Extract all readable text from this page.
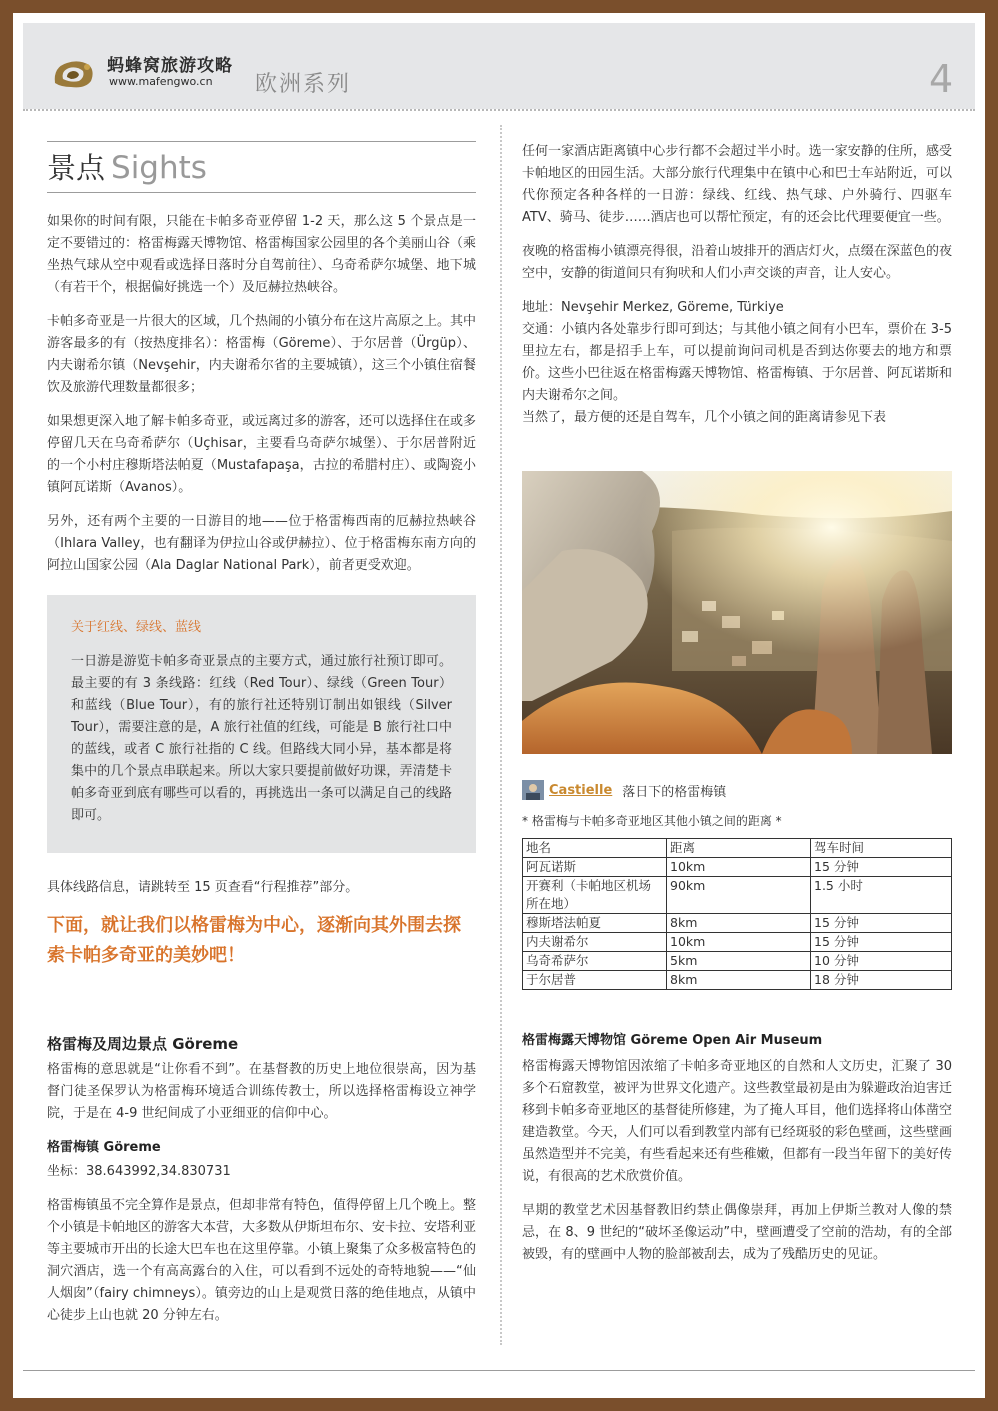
蚂蜂窝旅游攻略
www.mafengwo.cn 欧洲系列	4
景点 Sights

如果你的时间有限，只能在卡帕多奇亚停留 1-2 天，那么这 5 个景点是一定不要错过的：格雷梅露天博物馆、格雷梅国家公园里的各个美丽山谷（乘坐热气球从空中观看或选择日落时分自驾前往）、乌奇希萨尔城堡、地下城（有若干个，根据偏好挑选一个）及厄赫拉热峡谷。

卡帕多奇亚是一片很大的区域，几个热闹的小镇分布在这片高原之上。其中游客最多的有（按热度排名）：格雷梅（Göreme）、于尔居普（Ürgüp）、内夫谢希尔镇（Nevşehir，内夫谢希尔省的主要城镇），这三个小镇住宿餐饮及旅游代理数量都很多；

如果想更深入地了解卡帕多奇亚，或远离过多的游客，还可以选择住在或多停留几天在乌奇希萨尔（Uçhisar，主要看乌奇萨尔城堡）、于尔居普附近的一个小村庄穆斯塔法帕夏（Mustafapaşa，古拉的希腊村庄）、或陶瓷小镇阿瓦诺斯（Avanos）。

另外，还有两个主要的一日游目的地——位于格雷梅西南的厄赫拉热峡谷（Ihlara Valley，也有翻译为伊拉山谷或伊赫拉）、位于格雷梅东南方向的阿拉山国家公园（Ala Daglar National Park），前者更受欢迎。

关于红线、绿线、蓝线

一日游是游览卡帕多奇亚景点的主要方式，通过旅行社预订即可。最主要的有 3 条线路：红线（Red Tour）、绿线（Green Tour）和蓝线（Blue Tour），有的旅行社还特别订制出如银线（Silver Tour），需要注意的是，A 旅行社值的红线，可能是 B 旅行社口中的蓝线，或者 C 旅行社指的 C 线。但路线大同小异，基本都是将集中的几个景点串联起来。所以大家只要提前做好功课，弄清楚卡帕多奇亚到底有哪些可以看的，再挑选出一条可以满足自己的线路即可。

具体线路信息，请跳转至 15 页查看“行程推荐”部分。

下面，就让我们以格雷梅为中心，逐渐向其外围去探索卡帕多奇亚的美妙吧！
格雷梅及周边景点 Göreme

格雷梅的意思就是“让你看不到”。在基督教的历史上地位很崇高，因为基督门徒圣保罗认为格雷梅环境适合训练传教士，所以选择格雷梅设立神学院，于是在 4-9 世纪间成了小亚细亚的信仰中心。

格雷梅镇 Göreme

坐标：38.643992,34.830731

格雷梅镇虽不完全算作是景点，但却非常有特色，值得停留上几个晚上。整个小镇是卡帕地区的游客大本营，大多数从伊斯坦布尔、安卡拉、安塔利亚等主要城市开出的长途大巴车也在这里停靠。小镇上聚集了众多极富特色的洞穴酒店，选一个有高高露台的入住，可以看到不远处的奇特地貌——“仙人烟囱”（fairy chimneys）。镇旁边的山上是观赏日落的绝佳地点，从镇中心徒步上山也就 20 分钟左右。

任何一家酒店距离镇中心步行都不会超过半小时。选一家安静的住所，感受卡帕地区的田园生活。大部分旅行代理集中在镇中心和巴士车站附近，可以代你预定各种各样的一日游：绿线、红线、热气球、户外骑行、四驱车 ATV、骑马、徒步……酒店也可以帮忙预定，有的还会比代理要便宜一些。

夜晚的格雷梅小镇漂亮得很，沿着山坡排开的酒店灯火，点缀在深蓝色的夜空中，安静的街道间只有狗吠和人们小声交谈的声音，让人安心。

地址：Nevşehir Merkez, Göreme, Türkiye

交通：小镇内各处靠步行即可到达；与其他小镇之间有小巴车，票价在 3-5 里拉左右，都是招手上车，可以提前询问司机是否到达你要去的地方和票价。这些小巴往返在格雷梅露天博物馆、格雷梅镇、于尔居普、阿瓦诺斯和内夫谢希尔之间。

当然了，最方便的还是自驾车，几个小镇之间的距离请参见下表

Castielle 落日下的格雷梅镇
* 格雷梅与卡帕多奇亚地区其他小镇之间的距离 *
地名	距离	驾车时间
阿瓦诺斯	10km	15 分钟
开赛利（卡帕地区机场所在地）	90km	1.5 小时
穆斯塔法帕夏	8km	15 分钟
内夫谢希尔	10km	15 分钟
乌奇希萨尔	5km	10 分钟
于尔居普	8km	18 分钟
格雷梅露天博物馆 Göreme Open Air Museum

格雷梅露天博物馆因浓缩了卡帕多奇亚地区的自然和人文历史，汇聚了 30 多个石窟教堂，被评为世界文化遗产。这些教堂最初是由为躲避政治迫害迁移到卡帕多奇亚地区的基督徒所修建，为了掩人耳目，他们选择将山体凿空建造教堂。今天，人们可以看到教堂内部有已经斑驳的彩色壁画，这些壁画虽然造型并不完美，有些看起来还有些稚嫩，但都有一段当年留下的美好传说，有很高的艺术欣赏价值。

早期的教堂艺术因基督教旧约禁止偶像崇拜，再加上伊斯兰教对人像的禁忌，在 8、9 世纪的“破坏圣像运动”中，壁画遭受了空前的浩劫，有的全部被毁，有的壁画中人物的脸部被刮去，成为了残酷历史的见证。
